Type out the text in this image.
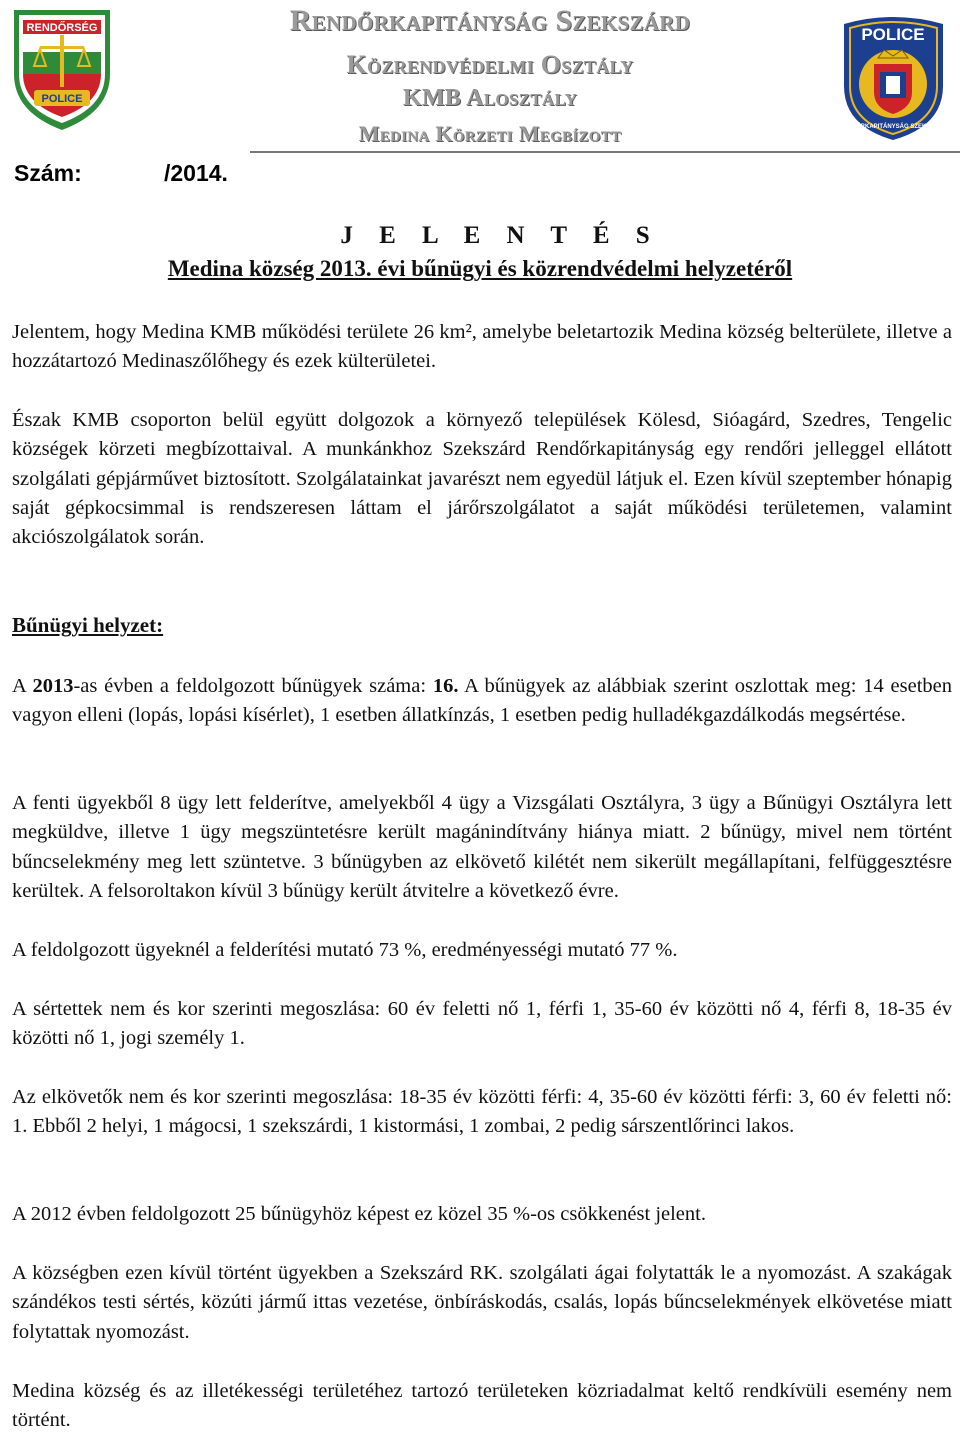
RENDŐRSÉG
POLICE
Rendőrkapitányság Szekszárd
Közrendvédelmi Osztály
KMB Alosztály
Medina Körzeti Megbízott
POLICE
RENDŐRKAPITÁNYSÁG SZEKSZÁRD
Szám:	/2014.
J E L E N T É S
Medina község 2013. évi bűnügyi és közrendvédelmi helyzetéről

Jelentem, hogy Medina KMB működési területe 26 km², amelybe beletartozik Medina község belterülete, illetve a hozzátartozó Medinaszőlőhegy és ezek külterületei.

Észak KMB csoporton belül együtt dolgozok a környező települések Kölesd, Sióagárd, Szedres, Tengelic községek körzeti megbízottaival. A munkánkhoz Szekszárd Rendőrkapitányság egy rendőri jelleggel ellátott szolgálati gépjárművet biztosított. Szolgálatainkat javarészt nem egyedül látjuk el. Ezen kívül szeptember hónapig saját gépkocsimmal is rendszeresen láttam el járőrszolgálatot a saját működési területemen, valamint akciószolgálatok során.

Bűnügyi helyzet:

A 2013-as évben a feldolgozott bűnügyek száma: 16. A bűnügyek az alábbiak szerint oszlottak meg: 14 esetben vagyon elleni (lopás, lopási kísérlet), 1 esetben állatkínzás, 1 esetben pedig hulladékgazdálkodás megsértése.

A fenti ügyekből 8 ügy lett felderítve, amelyekből 4 ügy a Vizsgálati Osztályra, 3 ügy a Bűnügyi Osztályra lett megküldve, illetve 1 ügy megszüntetésre került magánindítvány hiánya miatt. 2 bűnügy, mivel nem történt bűncselekmény meg lett szüntetve. 3 bűnügyben az elkövető kilétét nem sikerült megállapítani, felfüggesztésre kerültek. A felsoroltakon kívül 3 bűnügy került átvitelre a következő évre.

A feldolgozott ügyeknél a felderítési mutató 73 %, eredményességi mutató 77 %.

A sértettek nem és kor szerinti megoszlása: 60 év feletti nő 1, férfi 1, 35-60 év közötti nő 4, férfi 8, 18-35 év közötti nő 1, jogi személy 1.

Az elkövetők nem és kor szerinti megoszlása: 18-35 év közötti férfi: 4, 35-60 év közötti férfi: 3, 60 év feletti nő: 1. Ebből 2 helyi, 1 mágocsi, 1 szekszárdi, 1 kistormási, 1 zombai, 2 pedig sárszentlőrinci lakos.

A 2012 évben feldolgozott 25 bűnügyhöz képest ez közel 35 %-os csökkenést jelent.

A községben ezen kívül történt ügyekben a Szekszárd RK. szolgálati ágai folytatták le a nyomozást. A szakágak szándékos testi sértés, közúti jármű ittas vezetése, önbíráskodás, csalás, lopás bűncselekmények elkövetése miatt folytattak nyomozást.

Medina község és az illetékességi területéhez tartozó területeken közriadalmat keltő rendkívüli esemény nem történt.
